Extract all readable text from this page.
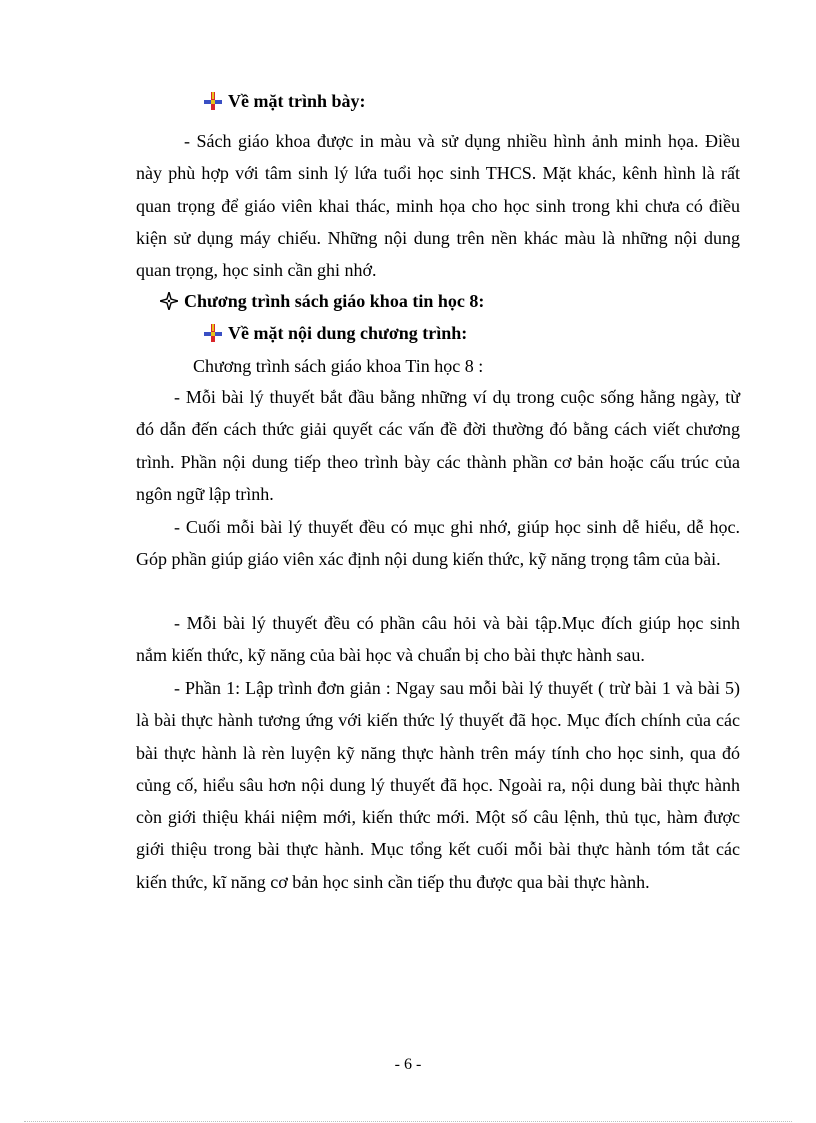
Về mặt trình bày:
- Sách giáo khoa được in màu và sử dụng nhiều hình ảnh minh họa. Điều này phù hợp với tâm sinh lý lứa tuổi học sinh THCS. Mặt khác, kênh hình là rất quan trọng để giáo viên khai thác, minh họa cho học sinh trong khi chưa có điều kiện sử dụng máy chiếu. Những nội dung trên nền khác màu là những nội dung quan trọng, học sinh cần ghi nhớ.
Chương trình sách giáo khoa tin học 8:
Về mặt nội dung chương trình:
Chương trình sách giáo khoa Tin học 8 :
- Mỗi bài lý thuyết bắt đầu bằng những ví dụ trong cuộc sống hằng ngày, từ đó dẫn đến cách thức giải quyết các vấn đề đời thường đó bằng cách viết chương trình. Phần nội dung tiếp theo trình bày các thành phần cơ bản hoặc cấu trúc của ngôn ngữ lập trình.
- Cuối mỗi bài lý thuyết đều có mục ghi nhớ, giúp học sinh dễ hiểu, dễ học. Góp phần giúp giáo viên xác định nội dung kiến thức, kỹ năng trọng tâm của bài.
- Mỗi bài lý thuyết đều có phần câu hỏi và bài tập.Mục đích giúp học sinh nắm kiến thức, kỹ năng của bài học và chuẩn bị cho bài thực hành sau.
- Phần 1: Lập trình đơn giản : Ngay sau mỗi bài lý thuyết ( trừ bài 1 và bài 5) là bài thực hành tương ứng với kiến thức lý thuyết đã học. Mục đích chính của các bài thực hành là rèn luyện kỹ năng thực hành trên máy tính cho học sinh, qua đó củng cố, hiểu sâu hơn nội dung lý thuyết đã học. Ngoài ra, nội dung bài thực hành còn giới thiệu khái niệm mới, kiến thức mới. Một số câu lệnh, thủ tục, hàm được giới thiệu trong bài thực hành. Mục tổng kết cuối mỗi bài thực hành tóm tắt các kiến thức, kĩ năng cơ bản học sinh cần tiếp thu được qua bài thực hành.
- 6 -
